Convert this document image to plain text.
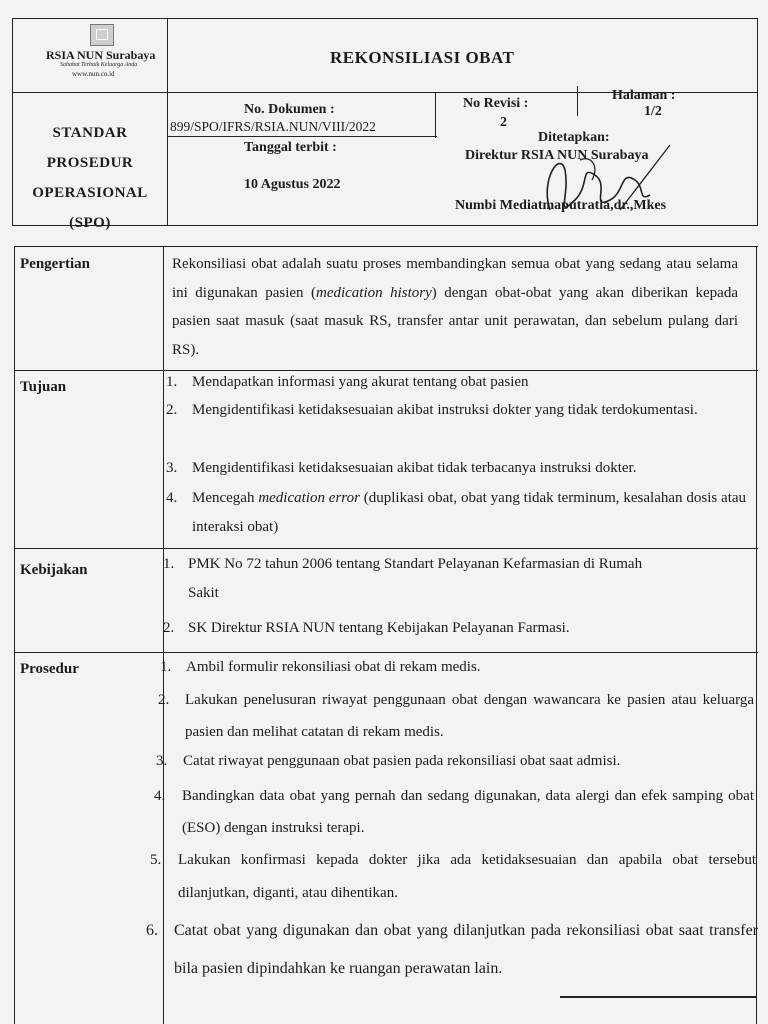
RSIA NUN Surabaya
Sahabat Terbaik Keluarga Anda
www.nun.co.id
REKONSILIASI OBAT
STANDAR
PROSEDUR
OPERASIONAL
(SPO)
No. Dokumen :
899/SPO/IFRS/RSIA.NUN/VIII/2022
No Revisi :
2
Halaman :
1/2
Tanggal terbit :
10 Agustus 2022
Ditetapkan:
Direktur RSIA NUN Surabaya
Numbi Mediatmaputratia,dr.,Mkes
Pengertian	Rekonsiliasi obat adalah suatu proses membandingkan semua obat yang sedang atau selama ini digunakan pasien (medication history) dengan obat-obat yang akan diberikan kepada pasien saat masuk (saat masuk RS, transfer antar unit perawatan, dan sebelum pulang dari RS).
Tujuan	1. Mendapatkan informasi yang akurat tentang obat pasien
2. Mengidentifikasi ketidaksesuaian akibat instruksi dokter yang tidak terdokumentasi.
3. Mengidentifikasi ketidaksesuaian akibat tidak terbacanya instruksi dokter.
4. Mencegah medication error (duplikasi obat, obat yang tidak terminum, kesalahan dosis atau interaksi obat)
Kebijakan	1. PMK No 72 tahun 2006 tentang Standart Pelayanan Kefarmasian di Rumah Sakit
2. SK Direktur RSIA NUN tentang Kebijakan Pelayanan Farmasi.
Prosedur	1. Ambil formulir rekonsiliasi obat di rekam medis.
2. Lakukan penelusuran riwayat penggunaan obat dengan wawancara ke pasien atau keluarga pasien dan melihat catatan di rekam medis.
3. Catat riwayat penggunaan obat pasien pada rekonsiliasi obat saat admisi.
4. Bandingkan data obat yang pernah dan sedang digunakan, data alergi dan efek samping obat (ESO) dengan instruksi terapi.
5. Lakukan konfirmasi kepada dokter jika ada ketidaksesuaian dan apabila obat tersebut dilanjutkan, diganti, atau dihentikan.
6. Catat obat yang digunakan dan obat yang dilanjutkan pada rekonsiliasi obat saat transfer bila pasien dipindahkan ke ruangan perawatan lain.
